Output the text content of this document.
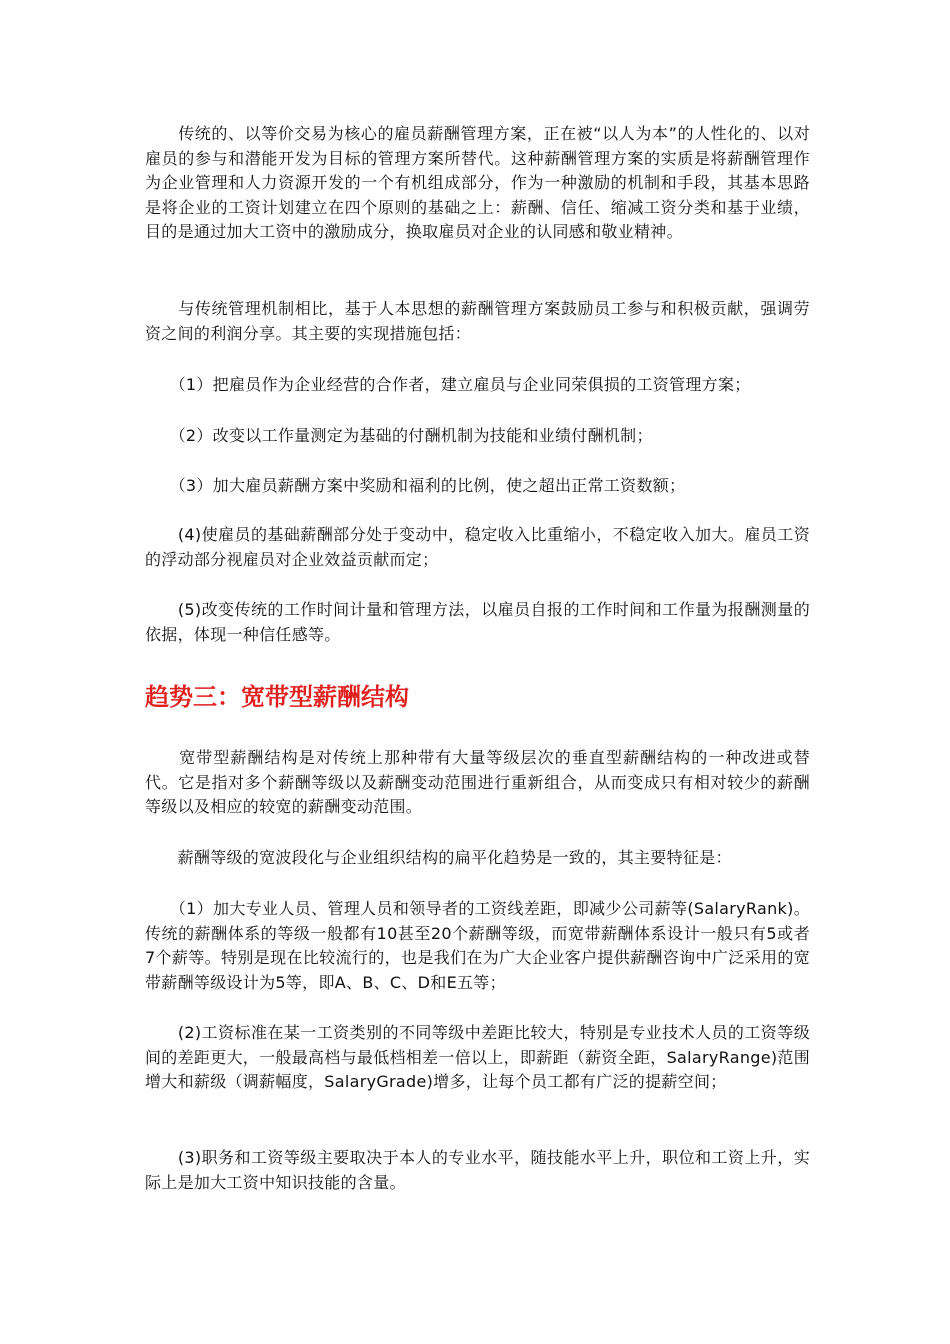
　　传统的、以等价交易为核心的雇员薪酬管理方案，正在被“以人为本”的人性化的、以对雇员的参与和潜能开发为目标的管理方案所替代。这种薪酬管理方案的实质是将薪酬管理作为企业管理和人力资源开发的一个有机组成部分，作为一种激励的机制和手段，其基本思路是将企业的工资计划建立在四个原则的基础之上：薪酬、信任、缩减工资分类和基于业绩，目的是通过加大工资中的激励成分，换取雇员对企业的认同感和敬业精神。

　　与传统管理机制相比，基于人本思想的薪酬管理方案鼓励员工参与和积极贡献，强调劳资之间的利润分享。其主要的实现措施包括：

　　（1）把雇员作为企业经营的合作者，建立雇员与企业同荣俱损的工资管理方案；

　　（2）改变以工作量测定为基础的付酬机制为技能和业绩付酬机制；

　　（3）加大雇员薪酬方案中奖励和福利的比例，使之超出正常工资数额；

　　(4)使雇员的基础薪酬部分处于变动中，稳定收入比重缩小，不稳定收入加大。雇员工资的浮动部分视雇员对企业效益贡献而定；

　　(5)改变传统的工作时间计量和管理方法，以雇员自报的工作时间和工作量为报酬测量的依据，体现一种信任感等。

趋势三：宽带型薪酬结构

　　宽带型薪酬结构是对传统上那种带有大量等级层次的垂直型薪酬结构的一种改进或替代。它是指对多个薪酬等级以及薪酬变动范围进行重新组合，从而变成只有相对较少的薪酬等级以及相应的较宽的薪酬变动范围。

　　薪酬等级的宽波段化与企业组织结构的扁平化趋势是一致的，其主要特征是：

　　（1）加大专业人员、管理人员和领导者的工资线差距，即减少公司薪等(SalaryRank)。传统的薪酬体系的等级一般都有10甚至20个薪酬等级，而宽带薪酬体系设计一般只有5或者7个薪等。特别是现在比较流行的，也是我们在为广大企业客户提供薪酬咨询中广泛采用的宽带薪酬等级设计为5等，即A、B、C、D和E五等；

　　(2)工资标准在某一工资类别的不同等级中差距比较大，特别是专业技术人员的工资等级间的差距更大，一般最高档与最低档相差一倍以上，即薪距（薪资全距，SalaryRange)范围增大和薪级（调薪幅度，SalaryGrade)增多，让每个员工都有广泛的提薪空间；

　　(3)职务和工资等级主要取决于本人的专业水平，随技能水平上升，职位和工资上升，实际上是加大工资中知识技能的含量。
